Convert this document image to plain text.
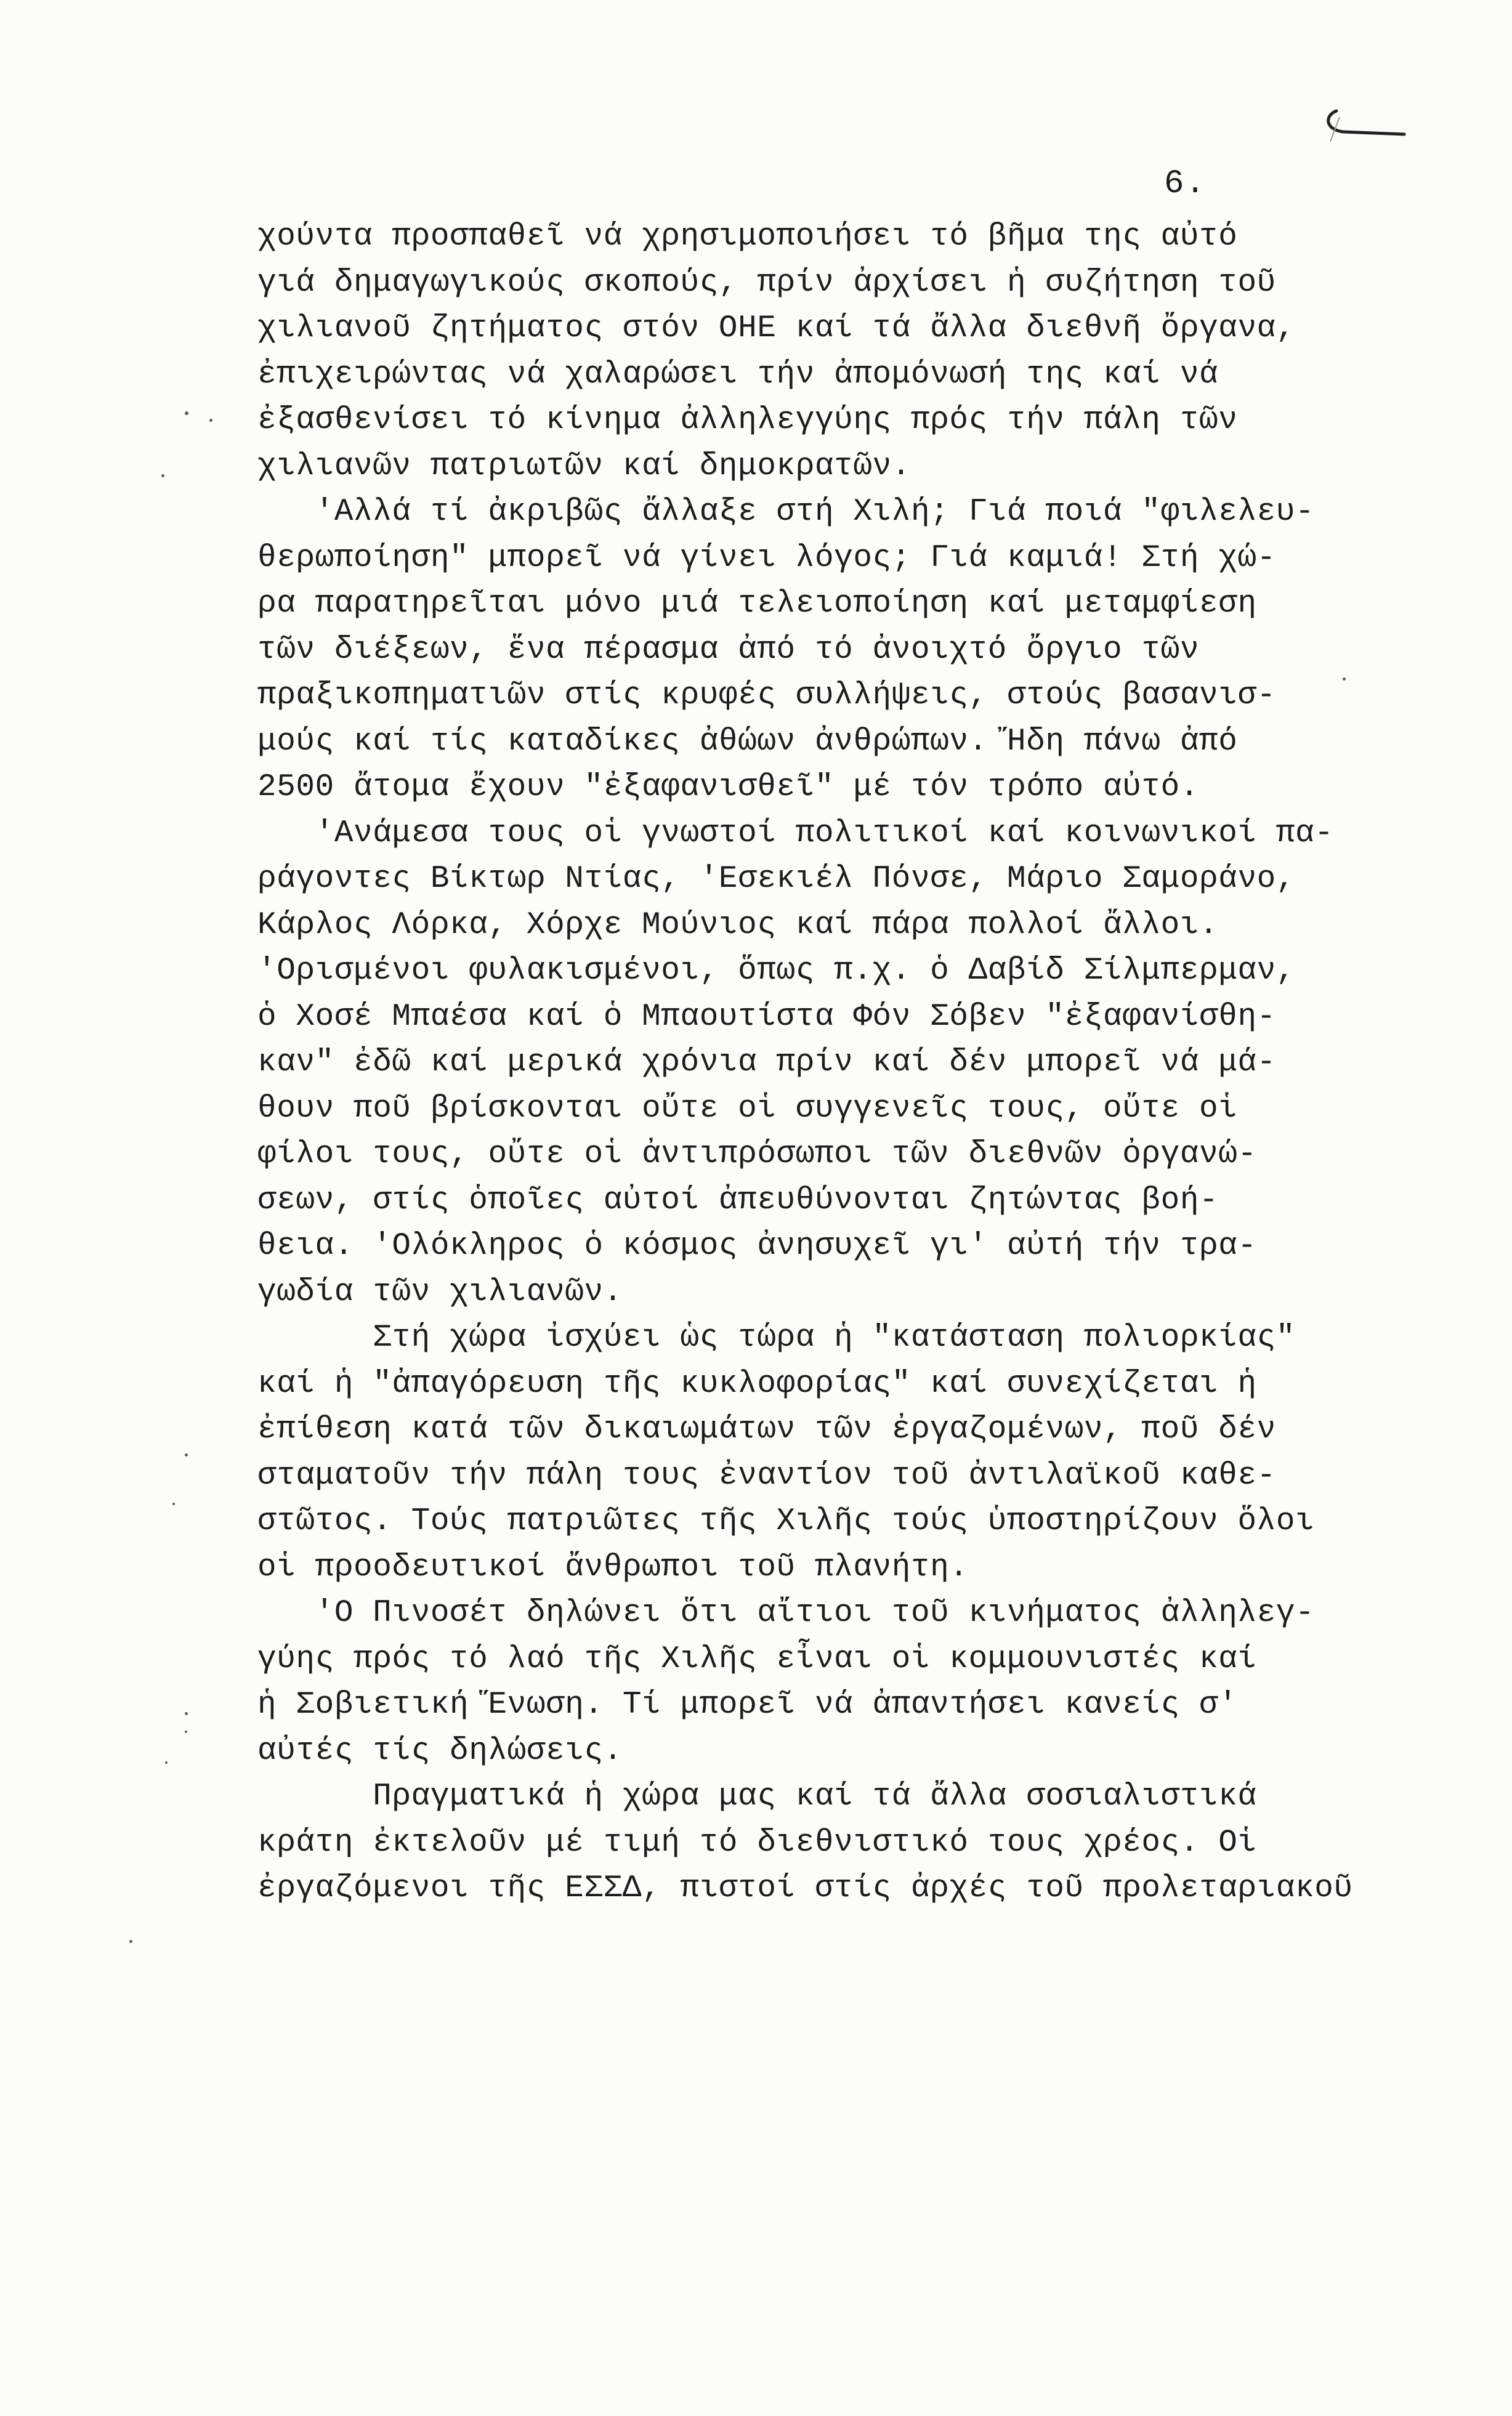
6.
χούντα προσπαθεῖ νά χρησιμοποιήσει τό βῆμα της αὐτό
γιά δημαγωγικούς σκοπούς, πρίν ἀρχίσει ἡ συζήτηση τοῦ
χιλιανοῦ ζητήματος στόν ΟΗΕ καί τά ἄλλα διεθνῆ ὄργανα,
ἐπιχειρώντας νά χαλαρώσει τήν ἀπομόνωσή της καί νά
ἐξασθενίσει τό κίνημα ἀλληλεγγύης πρός τήν πάλη τῶν
χιλιανῶν πατριωτῶν καί δημοκρατῶν.
'Αλλά τί ἀκριβῶς ἄλλαξε στή Χιλή; Γιά ποιά "φιλελευ-
θερωποίηση" μπορεῖ νά γίνει λόγος; Γιά καμιά! Στή χώ-
ρα παρατηρεῖται μόνο μιά τελειοποίηση καί μεταμφίεση
τῶν διέξεων, ἕνα πέρασμα ἀπό τό ἀνοιχτό ὄργιο τῶν
πραξικοπηματιῶν στίς κρυφές συλλήψεις, στούς βασανισ-
μούς καί τίς καταδίκες ἀθώων ἀνθρώπων. Ἤδη πάνω ἀπό
2500 ἄτομα ἔχουν "ἐξαφανισθεῖ" μέ τόν τρόπο αὐτό.
'Ανάμεσα τους οἱ γνωστοί πολιτικοί καί κοινωνικοί πα-
ράγοντες Βίκτωρ Ντίας, 'Εσεκιέλ Πόνσε, Μάριο Σαμοράνο,
Κάρλος Λόρκα, Χόρχε Μούνιος καί πάρα πολλοί ἄλλοι.
'Ορισμένοι φυλακισμένοι, ὅπως π.χ. ὁ Δαβίδ Σίλμπερμαν,
ὁ Χοσέ Μπαέσα καί ὁ Μπαουτίστα Φόν Σόβεν "ἐξαφανίσθη-
καν" ἐδῶ καί μερικά χρόνια πρίν καί δέν μπορεῖ νά μά-
θουν ποῦ βρίσκονται οὔτε οἱ συγγενεῖς τους, οὔτε οἱ
φίλοι τους, οὔτε οἱ ἀντιπρόσωποι τῶν διεθνῶν ὀργανώ-
σεων, στίς ὁποῖες αὐτοί ἀπευθύνονται ζητώντας βοή-
θεια. 'Ολόκληρος ὁ κόσμος ἀνησυχεῖ γι' αὐτή τήν τρα-
γωδία τῶν χιλιανῶν.
Στή χώρα ἰσχύει ὡς τώρα ἡ "κατάσταση πολιορκίας"
καί ἡ "ἀπαγόρευση τῆς κυκλοφορίας" καί συνεχίζεται ἡ
ἐπίθεση κατά τῶν δικαιωμάτων τῶν ἐργαζομένων, ποῦ δέν
σταματοῦν τήν πάλη τους ἐναντίον τοῦ ἀντιλαϊκοῦ καθε-
στῶτος. Τούς πατριῶτες τῆς Χιλῆς τούς ὑποστηρίζουν ὅλοι
οἱ προοδευτικοί ἄνθρωποι τοῦ πλανήτη.
'Ο Πινοσέτ δηλώνει ὅτι αἴτιοι τοῦ κινήματος ἀλληλεγ-
γύης πρός τό λαό τῆς Χιλῆς εἶναι οἱ κομμουνιστές καί
ἡ Σοβιετική Ἕνωση. Τί μπορεῖ νά ἀπαντήσει κανείς σ'
αὐτές τίς δηλώσεις.
Πραγματικά ἡ χώρα μας καί τά ἄλλα σοσιαλιστικά
κράτη ἐκτελοῦν μέ τιμή τό διεθνιστικό τους χρέος. Οἱ
ἐργαζόμενοι τῆς ΕΣΣΔ, πιστοί στίς ἀρχές τοῦ προλεταριακοῦ
